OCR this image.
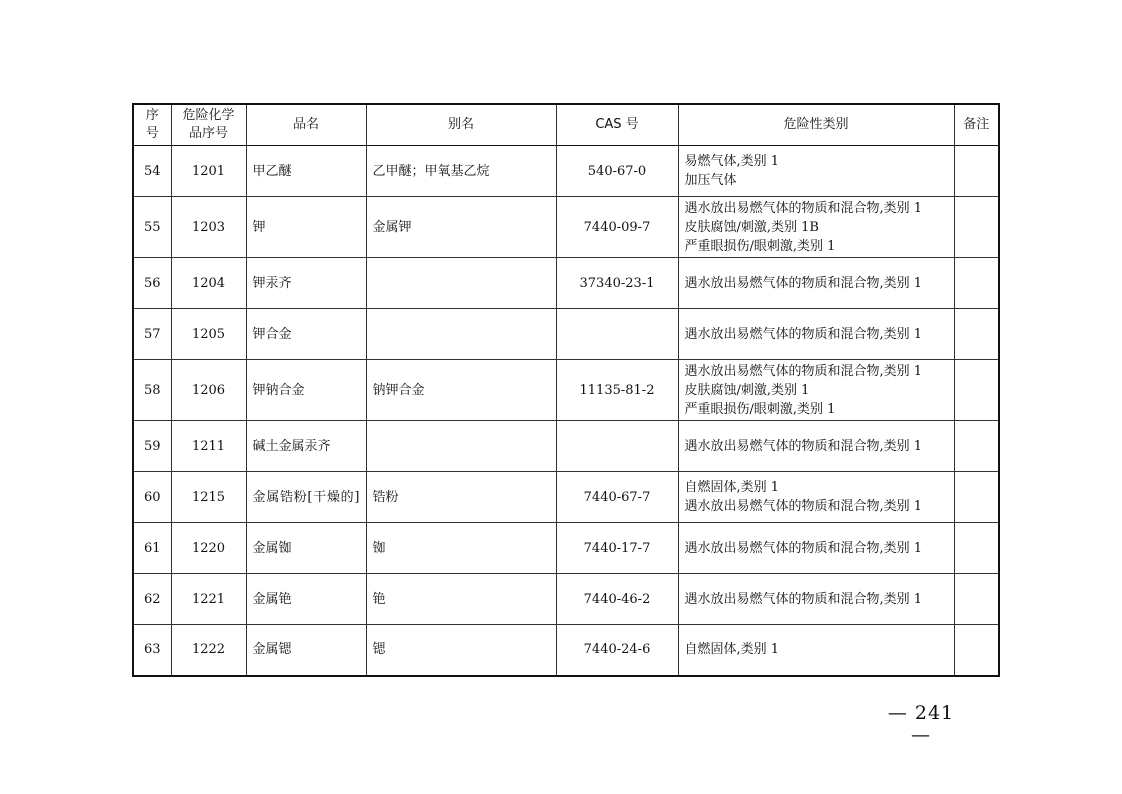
序号	危险化学品序号	品名	别名	CAS 号	危险性类别	备注
54	1201	甲乙醚	乙甲醚；甲氧基乙烷	540-67-0	易燃气体,类别 1
加压气体	

55	1203	钾	金属钾	7440-09-7	遇水放出易燃气体的物质和混合物,类别 1
皮肤腐蚀/刺激,类别 1B
严重眼损伤/眼刺激,类别 1	

56	1204	钾汞齐		37340-23-1	遇水放出易燃气体的物质和混合物,类别 1	

57	1205	钾合金			遇水放出易燃气体的物质和混合物,类别 1	

58	1206	钾钠合金	钠钾合金	11135-81-2	遇水放出易燃气体的物质和混合物,类别 1
皮肤腐蚀/刺激,类别 1
严重眼损伤/眼刺激,类别 1	

59	1211	碱土金属汞齐			遇水放出易燃气体的物质和混合物,类别 1	

60	1215	金属锆粉[干燥的]	锆粉	7440-67-7	自燃固体,类别 1
遇水放出易燃气体的物质和混合物,类别 1	

61	1220	金属铷	铷	7440-17-7	遇水放出易燃气体的物质和混合物,类别 1	

62	1221	金属铯	铯	7440-46-2	遇水放出易燃气体的物质和混合物,类别 1	

63	1222	金属锶	锶	7440-24-6	自燃固体,类别 1	

— 241 —
